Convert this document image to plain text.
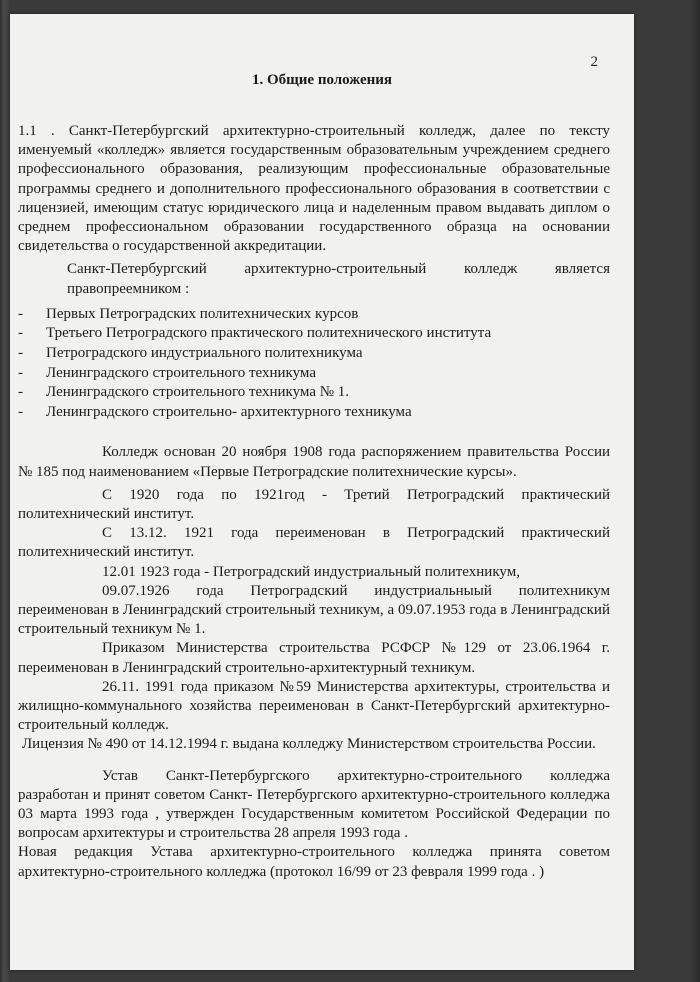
2
1. Общие положения

1.1 . Санкт-Петербургский архитектурно-строительный колледж, далее по тексту именуемый «колледж» является государственным образовательным учреждением среднего профессионального образования, реализующим профессиональные образовательные программы среднего и дополнительного профессионального образования в соответствии с лицензией, имеющим статус юридического лица и наделенным правом выдавать диплом о среднем профессиональном образовании государственного образца на основании свидетельства о государственной аккредитации.

Санкт-Петербургский	архитектурно-строительный	колледж	является
правопреемником :
- Первых Петроградских политехнических курсов
- Третьего Петроградского практического политехнического института
- Петроградского индустриального политехникума
- Ленинградского строительного техникума
- Ленинградского строительного техникума № 1.
- Ленинградского строительно- архитектурного техникума

Колледж основан 20 ноября 1908 года распоряжением правительства России № 185 под наименованием «Первые Петроградские политехнические курсы».

С 1920 года по 1921год - Третий Петроградский практический политехнический институт.

С 13.12. 1921 года переименован в Петроградский практический политехнический институт.

12.01 1923 года - Петроградский индустриальный политехникум,

09.07.1926 года Петроградский индустриальныый политехникум переименован в Ленинградский строительный техникум, а 09.07.1953 года в Ленинградский строительный техникум № 1.

Приказом Министерства строительства РСФСР №129 от 23.06.1964 г. переименован в Ленинградский строительно-архитектурный техникум.

26.11. 1991 года приказом №59 Министерства архитектуры, строительства и жилищно-коммунального хозяйства переименован в Санкт-Петербургский архитектурно-строительный колледж.

Лицензия № 490 от 14.12.1994 г. выдана колледжу Министерством строительства России.

Устав Санкт-Петербургского архитектурно-строительного колледжа разработан и принят советом Санкт- Петербургского архитектурно-строительного колледжа 03 марта 1993 года , утвержден Государственным комитетом Российской Федерации по вопросам архитектуры и строительства 28 апреля 1993 года .

Новая редакция Устава архитектурно-строительного колледжа принята советом архитектурно-строительного колледжа (протокол 16/99 от 23 февраля 1999 года . )
